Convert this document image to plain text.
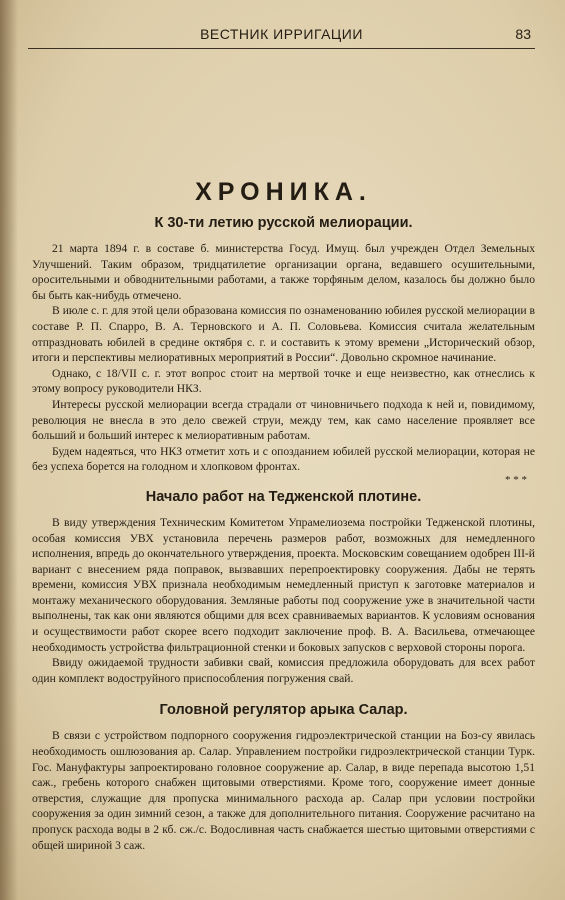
ВЕСТНИК ИРРИГАЦИИ	83
ХРОНИКА.
К 30-ти летию русской мелиорации.

21 марта 1894 г. в составе б. министерства Госуд. Имущ. был учрежден Отдел Земельных Улучшений. Таким образом, тридцатилетие организации органа, ведавшего осушительными, оросительными и обводнительными работами, а также торфяным делом, казалось бы должно было бы быть как-нибудь отмечено.

В июле с. г. для этой цели образована комиссия по ознаменованию юбилея русской мелиорации в составе Р. П. Спарро, В. А. Терновского и А. П. Соловьева. Комиссия считала желательным отпраздновать юбилей в средине октября с. г. и составить к этому времени „Исторический обзор, итоги и перспективы мелиоративных мероприятий в России“. Довольно скромное начинание.

Однако, с 18/VII с. г. этот вопрос стоит на мертвой точке и еще неизвестно, как отнеслись к этому вопросу руководители НКЗ.

Интересы русской мелиорации всегда страдали от чиновничьего подхода к ней и, повидимому, революция не внесла в это дело свежей струи, между тем, как само население проявляет все больший и больший интерес к мелиоративным работам.

Будем надеяться, что НКЗ отметит хоть и с опозданием юбилей русской мелиорации, которая не без успеха борется на голодном и хлопковом фронтах.

* * *
Начало работ на Теджeнской плотине.

В виду утверждения Техническим Комитетом Упрамелиозема постройки Теджeнской плотины, особая комиссия УВХ установила перечень размеров работ, возможных для немедленного исполнения, впредь до окончательного утверждения, проекта. Московским совещанием одобрен III-й вариант с внесением ряда поправок, вызвавших перепроектировку сооружения. Дабы не терять времени, комиссия УВХ признала необходимым немедленный приступ к заготовке материалов и монтажу механического оборудования. Земляные работы под сооружение уже в значительной части выполнены, так как они являются общими для всех сравниваемых вариантов. К условиям основания и осуществимости работ скорее всего подходит заключение проф. В. А. Васильева, отмечающее необходимость устройства фильтрационной стенки и боковых запусков с верховой стороны порога.

Ввиду ожидаемой трудности забивки свай, комиссия предложила оборудовать для всех работ один комплект водоструйного приспособления погружения свай.

Головной регулятор арыка Салар.

В связи с устройством подпорного сооружения гидроэлектрической станции на Боз-су явилась необходимость ошлюзования ар. Салар. Управлением постройки гидроэлектрической станции Турк. Гос. Мануфактуры запроектировано головное сооружение ар. Салар, в виде перепада высотою 1,51 саж., гребень которого снабжен щитовыми отверстиями. Кроме того, сооружение имеет донные отверстия, служащие для пропуска минимального расхода ар. Салар при условии постройки сооружения за один зимний сезон, а также для дополнительного питания. Сооружение расчитано на пропуск расхода воды в 2 кб. сж./с. Водосливная часть снабжается шестью щитовыми отверстиями с общей шириной 3 саж.
